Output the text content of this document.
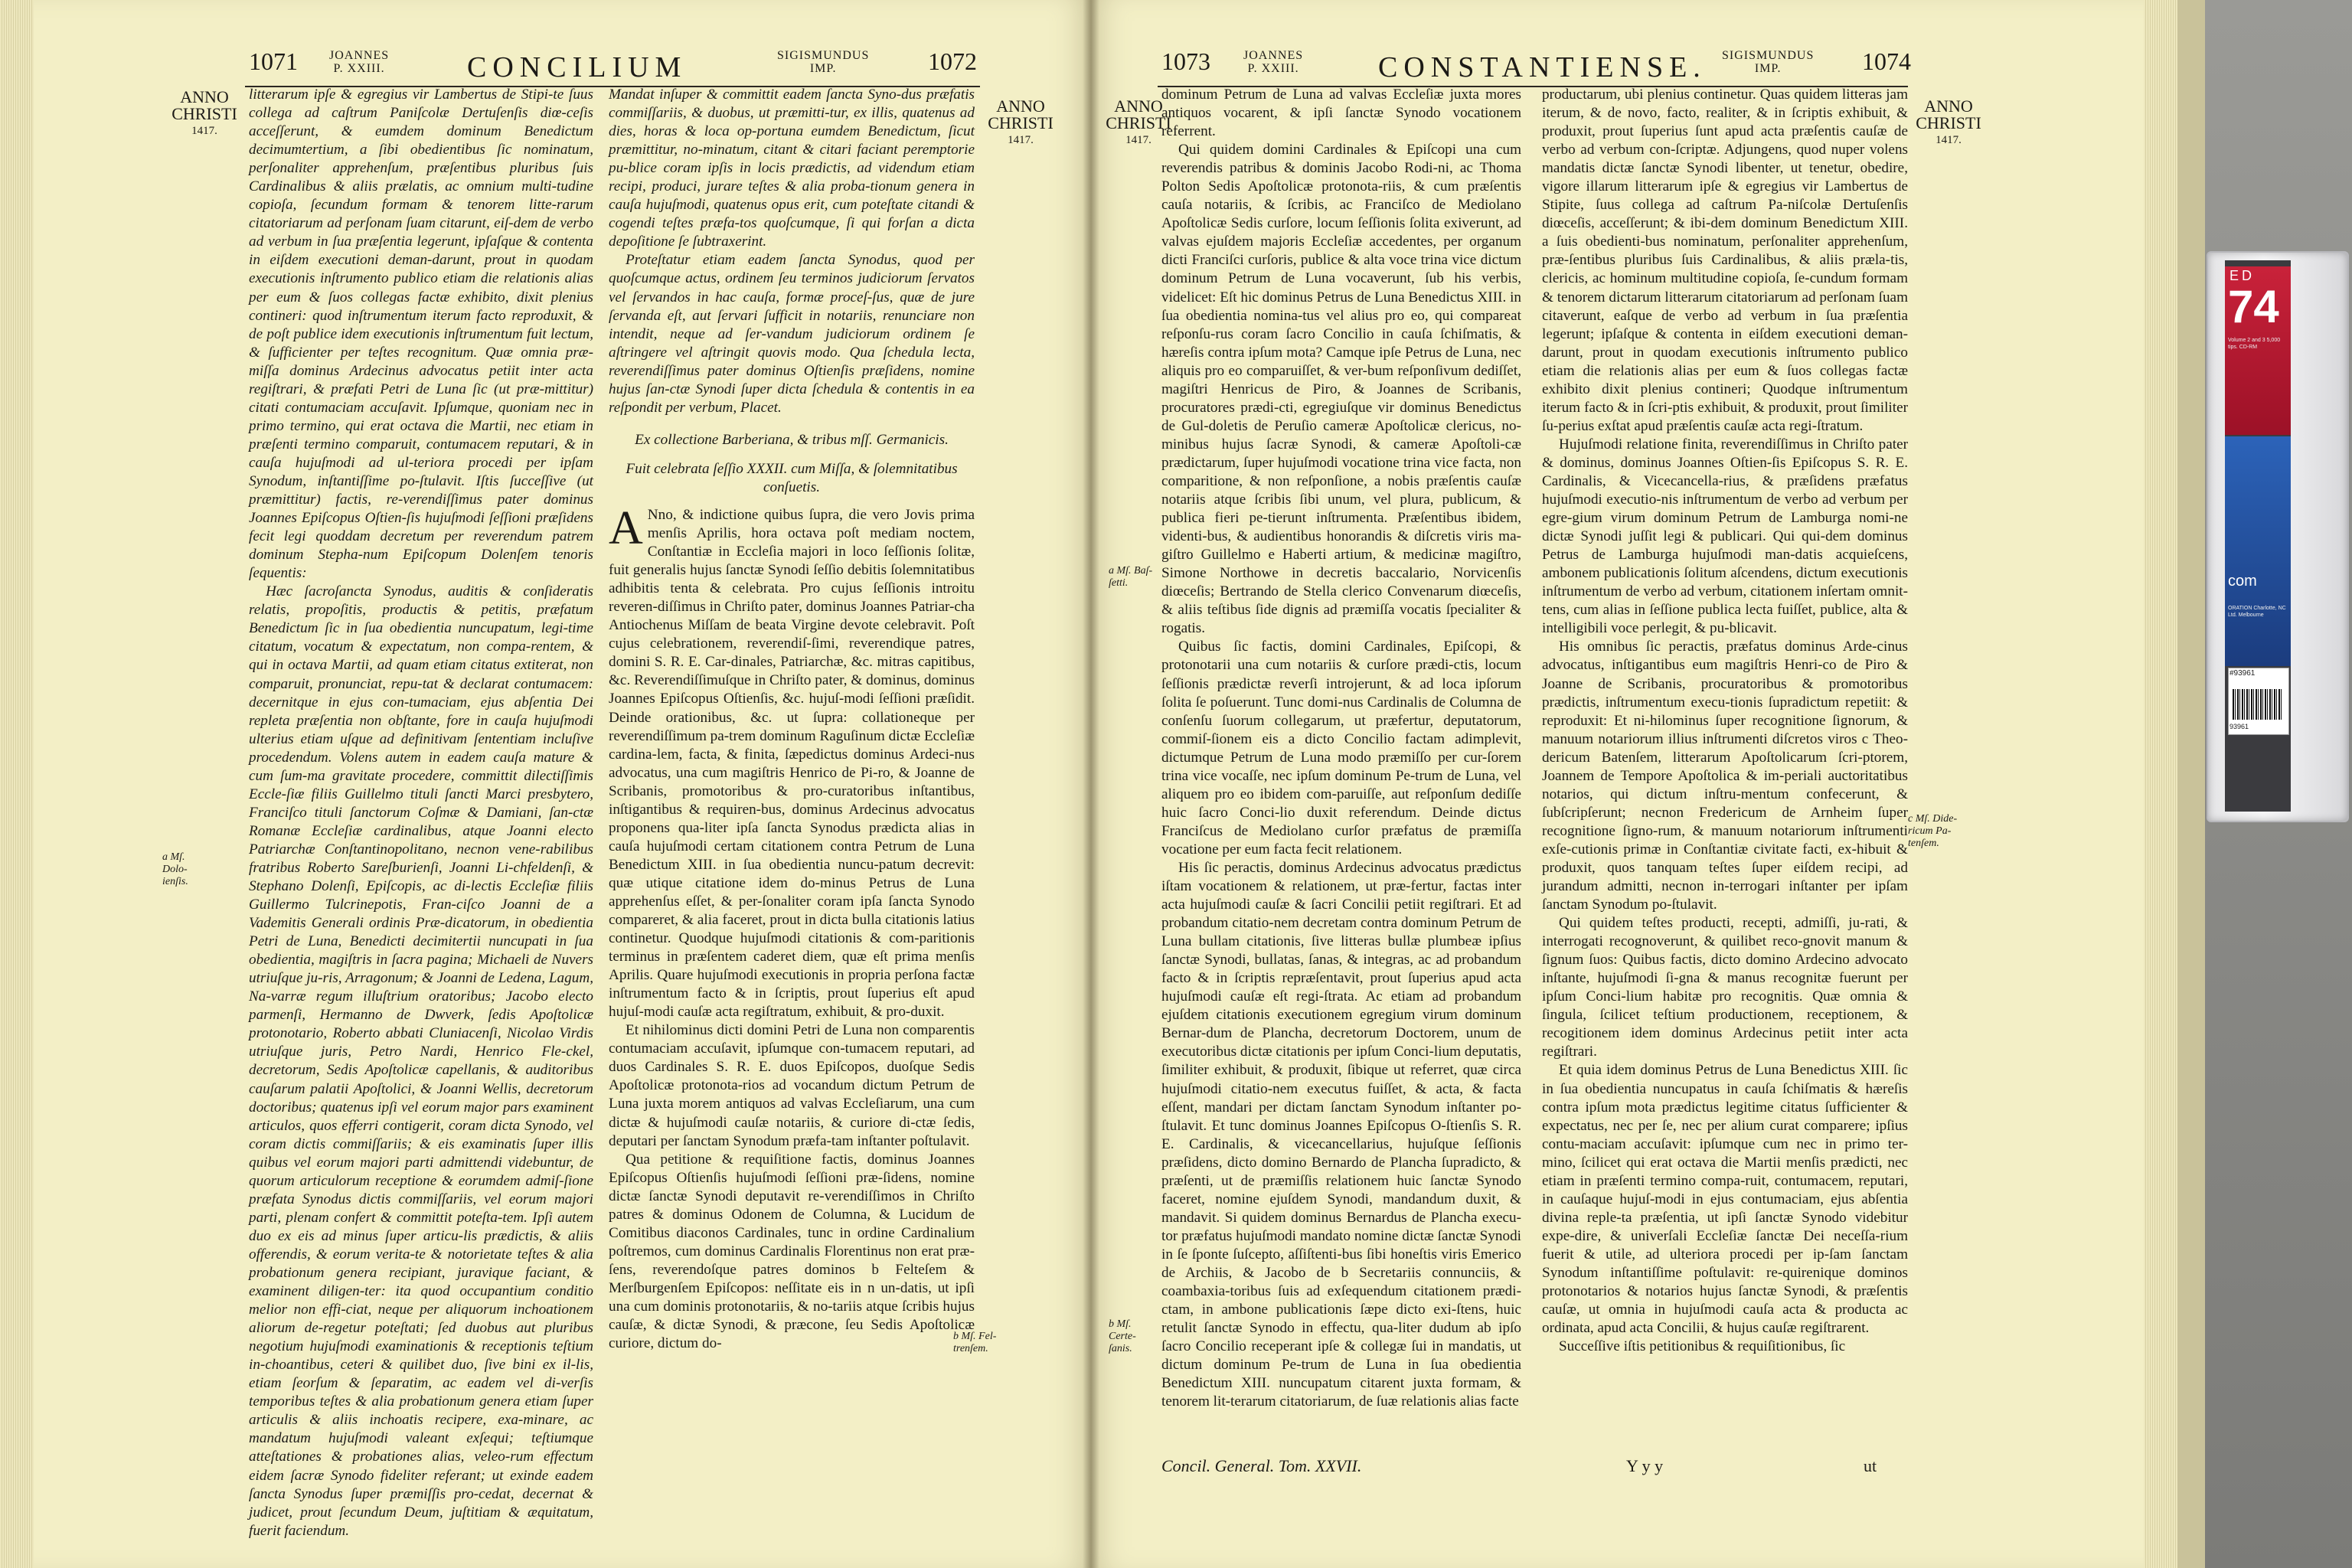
1071	JOANNES
P. XXIII.	CONCILIUM	SIGISMUNDUS
IMP.	1072
ANNO CHRISTI
1417.
ANNO CHRISTI
1417.
a Mſ. Dolo-ienſis.
b Mſ. Fel-trenſem.

litterarum ipſe & egregius vir Lambertus de Stipi-te ſuus collega ad caſtrum Paniſcolæ Dertuſenſis diœ-ceſis acceſſerunt, & eumdem dominum Benedictum decimumtertium, a ſibi obedientibus ſic nominatum, perſonaliter apprehenſum, præſentibus pluribus ſuis Cardinalibus & aliis prælatis, ac omnium multi-tudine copioſa, ſecundum formam & tenorem litte-rarum citatoriarum ad perſonam ſuam citarunt, eiſ-dem de verbo ad verbum in ſua præſentia legerunt, ipſaſque & contenta in eiſdem executioni deman-darunt, prout in quodam executionis inſtrumento publico etiam die relationis alias per eum & ſuos collegas factæ exhibito, dixit plenius contineri: quod inſtrumentum iterum facto reproduxit, & de poſt publice idem executionis inſtrumentum fuit lectum, & ſufficienter per teſtes recognitum. Quæ omnia præ-miſſa dominus Ardecinus advocatus petiit inter acta regiſtrari, & præfati Petri de Luna ſic (ut præ-mittitur) citati contumaciam accuſavit. Ipſumque, quoniam nec in primo termino, qui erat octava die Martii, nec etiam in præſenti termino comparuit, contumacem reputari, & in cauſa hujuſmodi ad ul-teriora procedi per ipſam Synodum, inſtantiſſime po-ſtulavit. Iſtis ſucceſſive (ut præmittitur) factis, re-verendiſſimus pater dominus Joannes Epiſcopus Oſtien-ſis hujuſmodi ſeſſioni præſidens fecit legi quoddam decretum per reverendum patrem dominum Stepha-num Epiſcopum Dolenſem tenoris ſequentis:

Hæc ſacroſancta Synodus, auditis & conſideratis relatis, propoſitis, productis & petitis, præfatum Benedictum ſic in ſua obedientia nuncupatum, legi-time citatum, vocatum & expectatum, non compa-rentem, & qui in octava Martii, ad quam etiam citatus extiterat, non comparuit, pronunciat, repu-tat & declarat contumacem: decernitque in ejus con-tumaciam, ejus abſentia Dei repleta præſentia non obſtante, fore in cauſa hujuſmodi ulterius etiam uſque ad definitivam ſententiam incluſive procedendum. Volens autem in eadem cauſa mature & cum ſum-ma gravitate procedere, committit dilectiſſimis Eccle-ſiæ filiis Guillelmo tituli ſancti Marci presbytero, Franciſco tituli ſanctorum Coſmæ & Damiani, ſan-ctæ Romanæ Eccleſiæ cardinalibus, atque Joanni electo Patriarchæ Conſtantinopolitano, necnon vene-rabilibus fratribus Roberto Sareſburienſi, Joanni Li-chfeldenſi, & Stephano Dolenſi, Epiſcopis, ac di-lectis Eccleſiæ filiis Guillermo Tulcrinepotis, Fran-ciſco Joanni de a Vademitis Generali ordinis Præ-dicatorum, in obedientia Petri de Luna, Benedicti decimitertii nuncupati in ſua obedientia, magiſtris in ſacra pagina; Michaeli de Nuvers utriuſque ju-ris, Arragonum; & Joanni de Ledena, Lagum, Na-varræ regum illuſtrium oratoribus; Jacobo electo parmenſi, Hermanno de Dwverk, ſedis Apoſtolicæ protonotario, Roberto abbati Cluniacenſi, Nicolao Virdis utriuſque juris, Petro Nardi, Henrico Fle-ckel, decretorum, Sedis Apoſtolicæ capellanis, & auditoribus cauſarum palatii Apoſtolici, & Joanni Wellis, decretorum doctoribus; quatenus ipſi vel eorum major pars examinent articulos, quos efferri contigerit, coram dicta Synodo, vel coram dictis commiſſariis; & eis examinatis ſuper illis quibus vel eorum majori parti admittendi videbuntur, de quorum articulorum receptione & eorumdem admiſ-ſione præfata Synodus dictis commiſſariis, vel eorum majori parti, plenam confert & committit poteſta-tem. Ipſi autem duo ex eis ad minus ſuper articu-lis prædictis, & aliis offerendis, & eorum verita-te & notorietate teſtes & alia probationum genera recipiant, juravique faciant, & examinent diligen-ter: ita quod occupantium conditio melior non effi-ciat, neque per aliquorum inchoationem aliorum de-regetur poteſtati; ſed duobus aut pluribus negotium hujuſmodi examinationis & receptionis teſtium in-choantibus, ceteri & quilibet duo, ſive bini ex il-lis, etiam ſeorſum & ſeparatim, ac eadem vel di-verſis temporibus teſtes & alia probationum genera etiam ſuper articulis & aliis inchoatis recipere, exa-minare, ac mandatum hujuſmodi valeant exſequi; teſtiumque atteſtationes & probationes alias, veleo-rum effectum eidem ſacræ Synodo fideliter referant; ut exinde eadem ſancta Synodus ſuper præmiſſis pro-cedat, decernat & judicet, prout ſecundum Deum, juſtitiam & æquitatum, fuerit faciendum.

Mandat inſuper & committit eadem ſancta Syno-dus præfatis commiſſariis, & duobus, ut præmitti-tur, ex illis, quatenus ad dies, horas & loca op-portuna eumdem Benedictum, ſicut præmittitur, no-minatum, citant & citari faciant peremptorie pu-blice coram ipſis in locis prædictis, ad videndum etiam recipi, produci, jurare teſtes & alia proba-tionum genera in cauſa hujuſmodi, quatenus opus erit, cum poteſtate citandi & cogendi teſtes præfa-tos quoſcumque, ſi qui forſan a dicta depoſitione ſe ſubtraxerint.

Proteſtatur etiam eadem ſancta Synodus, quod per quoſcumque actus, ordinem ſeu terminos judiciorum ſervatos vel ſervandos in hac cauſa, formæ proceſ-ſus, quæ de jure ſervanda eſt, aut ſervari ſufficit in notariis, renunciare non intendit, neque ad ſer-vandum judiciorum ordinem ſe aſtringere vel aſtringit quovis modo. Qua ſchedula lecta, reverendiſſimus pater dominus Oſtienſis præſidens, nomine hujus ſan-ctæ Synodi ſuper dicta ſchedula & contentis in ea reſpondit per verbum, Placet.

Ex collectione Barberiana, & tribus mſſ. Germanicis.

Fuit celebrata ſeſſio XXXII. cum Miſſa, & ſolemnitatibus conſuetis.

A Nno, & indictione quibus ſupra, die vero Jovis prima menſis Aprilis, hora octava poſt mediam noctem, Conſtantiæ in Eccleſia majori in loco ſeſſionis ſolitæ, fuit generalis hujus ſanctæ Synodi ſeſſio debitis ſolemnitatibus adhibitis tenta & celebrata. Pro cujus ſeſſionis introitu reveren-diſſimus in Chriſto pater, dominus Joannes Patriar-cha Antiochenus Miſſam de beata Virgine devote celebravit. Poſt cujus celebrationem, reverendiſ-ſimi, reverendique patres, domini S. R. E. Car-dinales, Patriarchæ, &c. mitras capitibus, &c. Reverendiſſimuſque in Chriſto pater, & dominus, dominus Joannes Epiſcopus Oſtienſis, &c. hujuſ-modi ſeſſioni præſidit. Deinde orationibus, &c. ut ſupra: collationeque per reverendiſſimum pa-trem dominum Raguſinum dictæ Eccleſiæ cardina-lem, facta, & finita, ſæpedictus dominus Ardeci-nus advocatus, una cum magiſtris Henrico de Pi-ro, & Joanne de Scribanis, promotoribus & pro-curatoribus inſtantibus, inſtigantibus & requiren-bus, dominus Ardecinus advocatus proponens qua-liter ipſa ſancta Synodus prædicta alias in cauſa hujuſmodi certam citationem contra Petrum de Luna Benedictum XIII. in ſua obedientia nuncu-patum decrevit: quæ utique citatione idem do-minus Petrus de Luna apprehenſus eſſet, & per-ſonaliter coram ipſa ſancta Synodo compareret, & alia faceret, prout in dicta bulla citationis latius continetur. Quodque hujuſmodi citationis & com-paritionis terminus in præſentem caderet diem, quæ eſt prima menſis Aprilis. Quare hujuſmodi executionis in propria perſona factæ inſtrumentum facto & in ſcriptis, prout ſuperius eſt apud hujuſ-modi cauſæ acta regiſtratum, exhibuit, & pro-duxit.

Et nihilominus dicti domini Petri de Luna non comparentis contumaciam accuſavit, ipſumque con-tumacem reputari, ad duos Cardinales S. R. E. duos Epiſcopos, duoſque Sedis Apoſtolicæ protonota-rios ad vocandum dictum Petrum de Luna juxta morem antiquos ad valvas Eccleſiarum, una cum dictæ & hujuſmodi cauſæ notariis, & curiore di-ctæ ſedis, deputari per ſanctam Synodum præfa-tam inſtanter poſtulavit.

Qua petitione & requiſitione factis, dominus Joannes Epiſcopus Oſtienſis hujuſmodi ſeſſioni præ-ſidens, nomine dictæ ſanctæ Synodi deputavit re-verendiſſimos in Chriſto patres & dominus Odonem de Columna, & Lucidum de Comitibus diaconos Cardinales, tunc in ordine Cardinalium poſtremos, cum dominus Cardinalis Florentinus non erat præ-ſens, reverendoſque patres dominos b Felteſem & Merſburgenſem Epiſcopos: neſſitate eis in n un-datis, ut ipſi una cum dominis protonotariis, & no-tariis atque ſcribis hujus cauſæ, & dictæ Synodi, & præcone, ſeu Sedis Apoſtolicæ curiore, dictum do-

1073	JOANNES
P. XXIII.	CONSTANTIENSE. SIGISMUNDUS
IMP.	1074
ANNO CHRISTI
1417.
ANNO CHRISTI
1417.
a Mſ. Baſ-ſetti.
b Mſ. Certe-ſanis.
c Mſ. Dide-ricum Pa-tenſem.

dominum Petrum de Luna ad valvas Eccleſiæ juxta mores antiquos vocarent, & ipſi ſanctæ Synodo vocationem referrent.

Qui quidem domini Cardinales & Epiſcopi una cum reverendis patribus & dominis Jacobo Rodi-ni, ac Thoma Polton Sedis Apoſtolicæ protonota-riis, & cum præſentis cauſa notariis, & ſcribis, ac Franciſco de Mediolano Apoſtolicæ Sedis curſore, locum ſeſſionis ſolita exiverunt, ad valvas ejuſdem majoris Eccleſiæ accedentes, per organum dicti Franciſci curſoris, publice & alta voce trina vice dictum dominum Petrum de Luna vocaverunt, ſub his verbis, videlicet: Eſt hic dominus Petrus de Luna Benedictus XIII. in ſua obedientia nomina-tus vel alius pro eo, qui compareat reſponſu-rus coram ſacro Concilio in cauſa ſchiſmatis, & hæreſis contra ipſum mota? Camque ipſe Petrus de Luna, nec aliquis pro eo comparuiſſet, & ver-bum reſponſivum dediſſet, magiſtri Henricus de Piro, & Joannes de Scribanis, procuratores prædi-cti, egregiuſque vir dominus Benedictus de Gul-doletis de Peruſio cameræ Apoſtolicæ clericus, no-minibus hujus ſacræ Synodi, & cameræ Apoſtoli-cæ prædictarum, ſuper hujuſmodi vocatione trina vice facta, non comparitione, & non reſponſione, a nobis præſentis cauſæ notariis atque ſcribis ſibi unum, vel plura, publicum, & publica fieri pe-tierunt inſtrumenta. Præſentibus ibidem, videnti-bus, & audientibus honorandis & diſcretis viris ma-giſtro Guillelmo e Haberti artium, & medicinæ magiſtro, Simone Northowe in decretis baccalario, Norvicenſis diœceſis; Bertrando de Stella clerico Convenarum diœceſis, & aliis teſtibus ſide dignis ad præmiſſa vocatis ſpecialiter & rogatis.

Quibus ſic factis, domini Cardinales, Epiſcopi, & protonotarii una cum notariis & curſore prædi-ctis, locum ſeſſionis prædictæ reverſi introjerunt, & ad loca ipſorum ſolita ſe poſuerunt. Tunc domi-nus Cardinalis de Columna de conſenſu ſuorum collegarum, ut præfertur, deputatorum, commiſ-ſionem eis a dicto Concilio factam adimplevit, dictumque Petrum de Luna modo præmiſſo per cur-ſorem trina vice vocaſſe, nec ipſum dominum Pe-trum de Luna, vel aliquem pro eo ibidem com-paruiſſe, aut reſponſum dediſſe huic ſacro Conci-lio duxit referendum. Deinde dictus Franciſcus de Mediolano curſor præfatus de præmiſſa vocatione per eum facta fecit relationem.

His ſic peractis, dominus Ardecinus advocatus prædictus iſtam vocationem & relationem, ut præ-fertur, factas inter acta hujuſmodi cauſæ & ſacri Concilii petiit regiſtrari. Et ad probandum citatio-nem decretam contra dominum Petrum de Luna bullam citationis, ſive litteras bullæ plumbeæ ipſius ſanctæ Synodi, bullatas, ſanas, & integras, ac ad probandum facto & in ſcriptis repræſentavit, prout ſuperius apud acta hujuſmodi cauſæ eſt regi-ſtrata. Ac etiam ad probandum ejuſdem citationis executionem egregium virum dominum Bernar-dum de Plancha, decretorum Doctorem, unum de executoribus dictæ citationis per ipſum Conci-lium deputatis, ſimiliter exhibuit, & produxit, ſibique ut referret, quæ circa hujuſmodi citatio-nem executus fuiſſet, & acta, & facta eſſent, mandari per dictam ſanctam Synodum inſtanter po-ſtulavit. Et tunc dominus Joannes Epiſcopus O-ſtienſis S. R. E. Cardinalis, & vicecancellarius, hujuſque ſeſſionis præſidens, dicto domino Bernardo de Plancha ſupradicto, & præſenti, ut de præmiſſis relationem huic ſanctæ Synodo faceret, nomine ejuſdem Synodi, mandandum duxit, & mandavit. Si quidem dominus Bernardus de Plancha execu-tor præfatus hujuſmodi mandato nomine dictæ ſanctæ Synodi in ſe ſponte ſuſcepto, aſſiſtenti-bus ſibi honeſtis viris Emerico de Archiis, & Jacobo de b Secretariis connunciis, & coambaxia-toribus ſuis ad exſequendum citationem prædi-ctam, in ambone publicationis ſæpe dicto exi-ſtens, huic retulit ſanctæ Synodo in effectu, qua-liter dudum ab ipſo ſacro Concilio receperant ipſe & collegæ ſui in mandatis, ut dictum dominum Pe-trum de Luna in ſua obedientia Benedictum XIII. nuncupatum citarent juxta formam, & tenorem lit-terarum citatoriarum, de ſuæ relationis alias facte

productarum, ubi plenius continetur. Quas quidem litteras jam iterum, & de novo, facto, realiter, & in ſcriptis exhibuit, & produxit, prout ſuperius ſunt apud acta præſentis cauſæ de verbo ad verbum con-ſcriptæ. Adjungens, quod nuper volens mandatis dictæ ſanctæ Synodi libenter, ut tenetur, obedire, vigore illarum litterarum ipſe & egregius vir Lambertus de Stipite, ſuus collega ad caſtrum Pa-niſcolæ Dertuſenſis diœceſis, acceſſerunt; & ibi-dem dominum Benedictum XIII. a ſuis obedienti-bus nominatum, perſonaliter apprehenſum, præ-ſentibus pluribus ſuis Cardinalibus, & aliis præla-tis, clericis, ac hominum multitudine copioſa, ſe-cundum formam & tenorem dictarum litterarum citatoriarum ad perſonam ſuam citaverunt, eaſque de verbo ad verbum in ſua præſentia legerunt; ipſaſque & contenta in eiſdem executioni deman-darunt, prout in quodam executionis inſtrumento publico etiam die relationis alias per eum & ſuos collegas factæ exhibito dixit plenius contineri; Quodque inſtrumentum iterum facto & in ſcri-ptis exhibuit, & produxit, prout ſimiliter ſu-perius exſtat apud præſentis cauſæ acta regi-ſtratum.

Hujuſmodi relatione finita, reverendiſſimus in Chriſto pater & dominus, dominus Joannes Oſtien-ſis Epiſcopus S. R. E. Cardinalis, & Vicecancella-rius, & præſidens præfatus hujuſmodi executio-nis inſtrumentum de verbo ad verbum per egre-gium virum dominum Petrum de Lamburga nomi-ne dictæ Synodi juſſit legi & publicari. Qui qui-dem dominus Petrus de Lamburga hujuſmodi man-datis acquieſcens, ambonem publicationis ſolitum aſcendens, dictum executionis inſtrumentum de verbo ad verbum, citationem inſertam omnit-tens, cum alias in ſeſſione publica lecta fuiſſet, publice, alta & intelligibili voce perlegit, & pu-blicavit.

His omnibus ſic peractis, præfatus dominus Arde-cinus advocatus, inſtigantibus eum magiſtris Henri-co de Piro & Joanne de Scribanis, procuratoribus & promotoribus prædictis, inſtrumentum execu-tionis ſupradictum repetiit: & reproduxit: Et ni-hilominus ſuper recognitione ſignorum, & manuum notariorum illius inſtrumenti diſcretos viros c Theo-dericum Batenſem, litterarum Apoſtolicarum ſcri-ptorem, Joannem de Tempore Apoſtolica & im-periali auctoritatibus notarios, qui dictum inſtru-mentum confecerunt, & ſubſcripſerunt; necnon Fredericum de Arnheim ſuper recognitione ſigno-rum, & manuum notariorum inſtrumenti exſe-cutionis primæ in Conſtantiæ civitate facti, ex-hibuit & produxit, quos tanquam teſtes ſuper eiſdem recipi, ad jurandum admitti, necnon in-terrogari inſtanter per ipſam ſanctam Synodum po-ſtulavit.

Qui quidem teſtes producti, recepti, admiſſi, ju-rati, & interrogati recognoverunt, & quilibet reco-gnovit manum & ſignum ſuos: Quibus factis, dicto domino Ardecino advocato inſtante, hujuſmodi ſi-gna & manus recognitæ fuerunt per ipſum Conci-lium habitæ pro recognitis. Quæ omnia & ſingula, ſcilicet teſtium productionem, receptionem, & recogitionem idem dominus Ardecinus petiit inter acta regiſtrari.

Et quia idem dominus Petrus de Luna Benedictus XIII. ſic in ſua obedientia nuncupatus in cauſa ſchiſmatis & hæreſis contra ipſum mota prædictus legitime citatus ſufficienter & expectatus, nec per ſe, nec per alium curat comparere; ipſius contu-maciam accuſavit: ipſumque cum nec in primo ter-mino, ſcilicet qui erat octava die Martii menſis prædicti, nec etiam in præſenti termino compa-ruit, contumacem, reputari, in cauſaque hujuſ-modi in ejus contumaciam, ejus abſentia divina reple-ta præſentia, ut ipſi ſanctæ Synodo videbitur expe-dire, & univerſali Eccleſiæ ſanctæ Dei neceſſa-rium fuerit & utile, ad ulteriora procedi per ip-ſam ſanctam Synodum inſtantiſſime poſtulavit: re-quirenique dominos protonotarios & notarios hujus ſanctæ Synodi, & præſentis cauſæ, ut omnia in hujuſmodi cauſa acta & producta ac ordinata, apud acta Concilii, & hujus cauſæ regiſtrarent.

Succeſſive iſtis petitionibus & requiſitionibus, ſic

Concil. General. Tom. XXVII.	Y y y	ut
ED
74
Volume 2 and 3 5,000 tips. CD-RM
com
ORATION Charlotte, NC Ltd. Melbourne
#93961
93961
